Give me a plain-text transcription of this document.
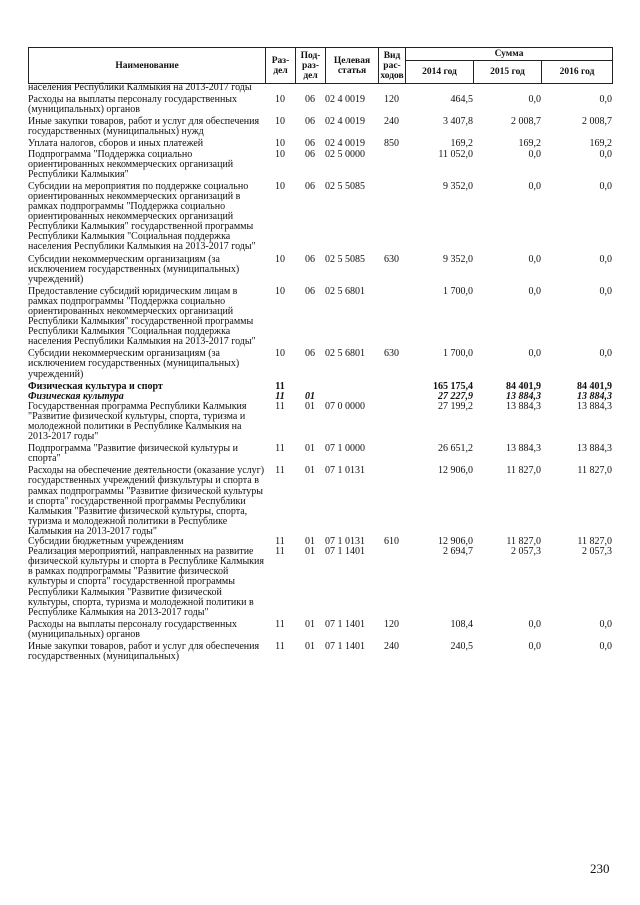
Наименование	Раз-дел	Под-раз-дел	Целевая статья	Вид рас-ходов	Сумма		
					2014 год	2015 год	2016 год
населения Республики Калмыкия на 2013-2017 годы							
Расходы на выплаты персоналу государственных (муниципальных) органов	10	06	02 4 0019	120	464,5	0,0	0,0
Иные закупки товаров, работ и услуг для обеспечения государственных (муниципальных) нужд	10	06	02 4 0019	240	3 407,8	2 008,7	2 008,7
Уплата налогов, сборов и иных платежей	10	06	02 4 0019	850	169,2	169,2	169,2
Подпрограмма "Поддержка социально ориентированных некоммерческих организаций Республики Калмыкия"	10	06	02 5 0000		11 052,0	0,0	0,0
Субсидии на мероприятия по поддержке социально ориентированных некоммерческих организаций в рамках подпрограммы "Поддержка социально ориентированных некоммерческих организаций Республики Калмыкия" государственной программы Республики Калмыкия "Социальная поддержка населения Республики Калмыкия на 2013-2017 годы"	10	06	02 5 5085		9 352,0	0,0	0,0
Субсидии некоммерческим организациям (за исключением государственных (муниципальных) учреждений)	10	06	02 5 5085	630	9 352,0	0,0	0,0
Предоставление субсидий юридическим лицам в рамках подпрограммы "Поддержка социально ориентированных некоммерческих организаций Республики Калмыкия" государственной программы Республики Калмыкия "Социальная поддержка населения Республики Калмыкия на 2013-2017 годы"	10	06	02 5 6801		1 700,0	0,0	0,0
Субсидии некоммерческим организациям (за исключением государственных (муниципальных) учреждений)	10	06	02 5 6801	630	1 700,0	0,0	0,0
Физическая культура и спорт	11				165 175,4	84 401,9	84 401,9
Физическая культура	11	01			27 227,9	13 884,3	13 884,3
Государственная программа Республики Калмыкия "Развитие физической культуры, спорта, туризма и молодежной политики в Республике Калмыкия на 2013-2017 годы"	11	01	07 0 0000		27 199,2	13 884,3	13 884,3
Подпрограмма "Развитие физической культуры и спорта"	11	01	07 1 0000		26 651,2	13 884,3	13 884,3
Расходы на обеспечение деятельности (оказание услуг) государственных учреждений физкультуры и спорта в рамках подпрограммы "Развитие физической культуры и спорта" государственной программы Республики Калмыкия "Развитие физической культуры, спорта, туризма и молодежной политики в Республике Калмыкия на 2013-2017 годы"	11	01	07 1 0131		12 906,0	11 827,0	11 827,0
Субсидии бюджетным учреждениям	11	01	07 1 0131	610	12 906,0	11 827,0	11 827,0
Реализация мероприятий, направленных на развитие физической культуры и спорта в Республике Калмыкия в рамках подпрограммы "Развитие физической культуры и спорта" государственной программы Республики Калмыкия "Развитие физической культуры, спорта, туризма и молодежной политики в Республике Калмыкия на 2013-2017 годы"	11	01	07 1 1401		2 694,7	2 057,3	2 057,3
Расходы на выплаты персоналу государственных (муниципальных) органов	11	01	07 1 1401	120	108,4	0,0	0,0
Иные закупки товаров, работ и услуг для обеспечения государственных (муниципальных)	11	01	07 1 1401	240	240,5	0,0	0,0
230
